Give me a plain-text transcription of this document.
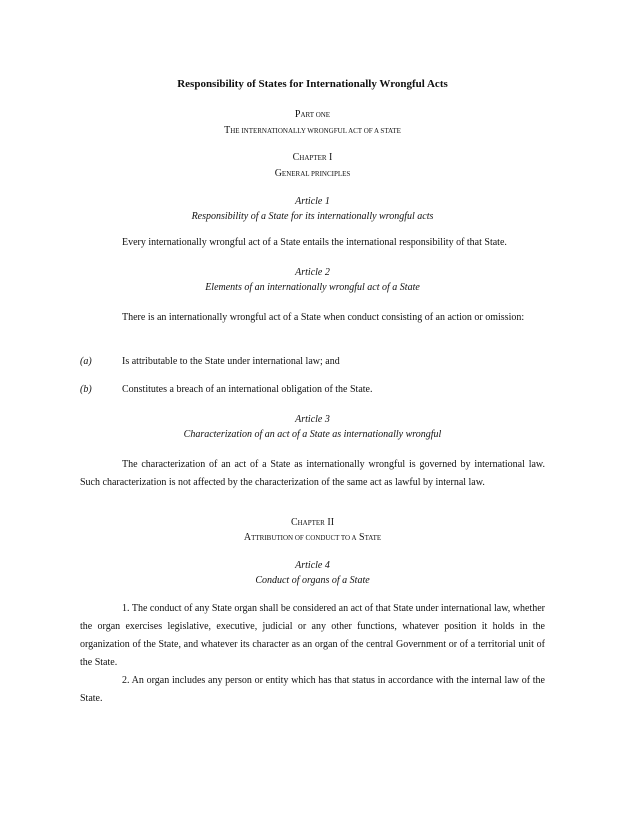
Responsibility of States for Internationally Wrongful Acts

PART ONE

THE INTERNATIONALLY WRONGFUL ACT OF A STATE

CHAPTER I

GENERAL PRINCIPLES

Article 1

Responsibility of a State for its internationally wrongful acts

Every internationally wrongful act of a State entails the international responsibility of that State.

Article 2

Elements of an internationally wrongful act of a State

There is an internationally wrongful act of a State when conduct consisting of an action or omission:

(a)	Is attributable to the State under international law; and

(b)	Constitutes a breach of an international obligation of the State.

Article 3

Characterization of an act of a State as internationally wrongful

The characterization of an act of a State as internationally wrongful is governed by international law. Such characterization is not affected by the characterization of the same act as lawful by internal law.

CHAPTER II

ATTRIBUTION OF CONDUCT TO A STATE

Article 4

Conduct of organs of a State

1. The conduct of any State organ shall be considered an act of that State under international law, whether the organ exercises legislative, executive, judicial or any other functions, whatever position it holds in the organization of the State, and whatever its character as an organ of the central Government or of a territorial unit of the State.

2. An organ includes any person or entity which has that status in accordance with the internal law of the State.
